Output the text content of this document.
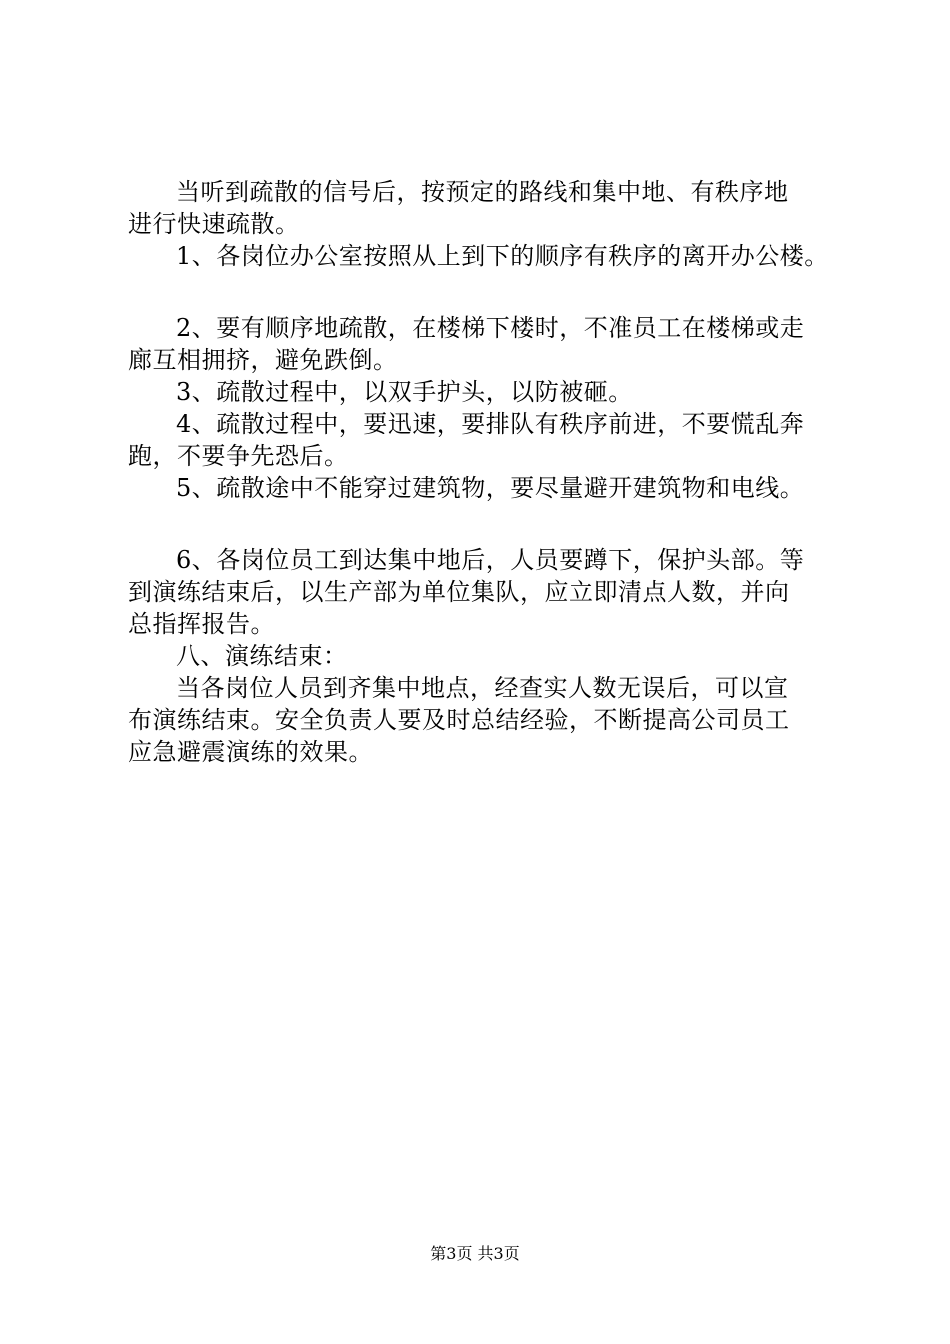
当听到疏散的信号后，按预定的路线和集中地、有秩序地
进行快速疏散。
1、各岗位办公室按照从上到下的顺序有秩序的离开办公楼。
2、要有顺序地疏散，在楼梯下楼时，不准员工在楼梯或走
廊互相拥挤，避免跌倒。
3、疏散过程中，以双手护头，以防被砸。
4、疏散过程中，要迅速，要排队有秩序前进，不要慌乱奔
跑，不要争先恐后。
5、疏散途中不能穿过建筑物，要尽量避开建筑物和电线。
6、各岗位员工到达集中地后，人员要蹲下，保护头部。等
到演练结束后，以生产部为单位集队，应立即清点人数，并向
总指挥报告。
八、演练结束：
当各岗位人员到齐集中地点，经查实人数无误后，可以宣
布演练结束。安全负责人要及时总结经验，不断提高公司员工
应急避震演练的效果。
第3页 共3页
